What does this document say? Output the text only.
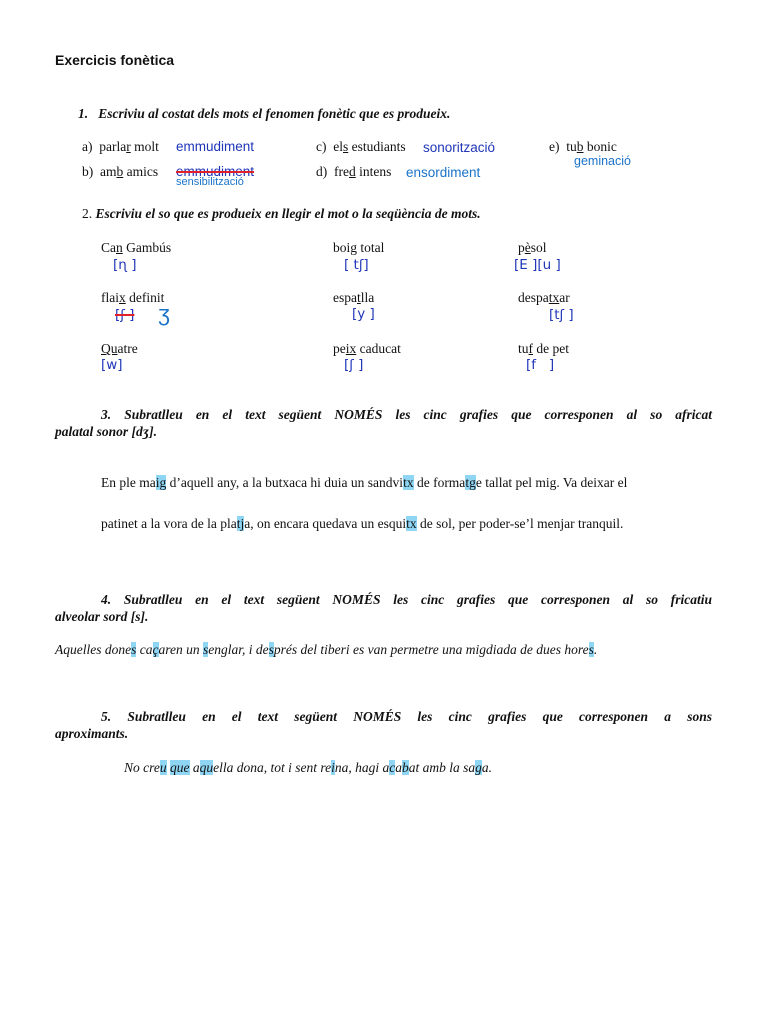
Exercicis fonètica
1. Escriviu al costat dels mots el fenomen fonètic que es produeix.
a) parlar molt emmudiment
b) amb amics emmudiment
sensibilització
c) els estudiants sonorització
d) fred intens ensordiment
e) tub bonic
geminació
2. Escriviu el so que es produeix en llegir el mot o la seqüència de mots.
Can Gambús
[ɳ ]
boig total
[ tʃ]
pèsol
[E ][u ]
flaix definit
[ʃ ] ʒ
espatlla
[y ]
despatxar
[tʃ ]
Quatre
[w]
peix caducat
[ʃ ]
tuf de pet
[f   ]
3. Subratlleu en el text següent NOMÉS les cinc grafies que corresponen al so africat
palatal sonor [dʒ].
En ple maig d’aquell any, a la butxaca hi duia un sandvitx de formatge tallat pel mig. Va deixar el
patinet a la vora de la platja, on encara quedava un esquitx de sol, per poder-se’l menjar tranquil.
4. Subratlleu en el text següent NOMÉS les cinc grafies que corresponen al so fricatiu
alveolar sord [s].
Aquelles dones caçaren un senglar, i després del tiberi es van permetre una migdiada de dues hores.
5. Subratlleu en el text següent NOMÉS les cinc grafies que corresponen a sons
aproximants.
No creu que aquella dona, tot i sent reina, hagi acabat amb la saga.
